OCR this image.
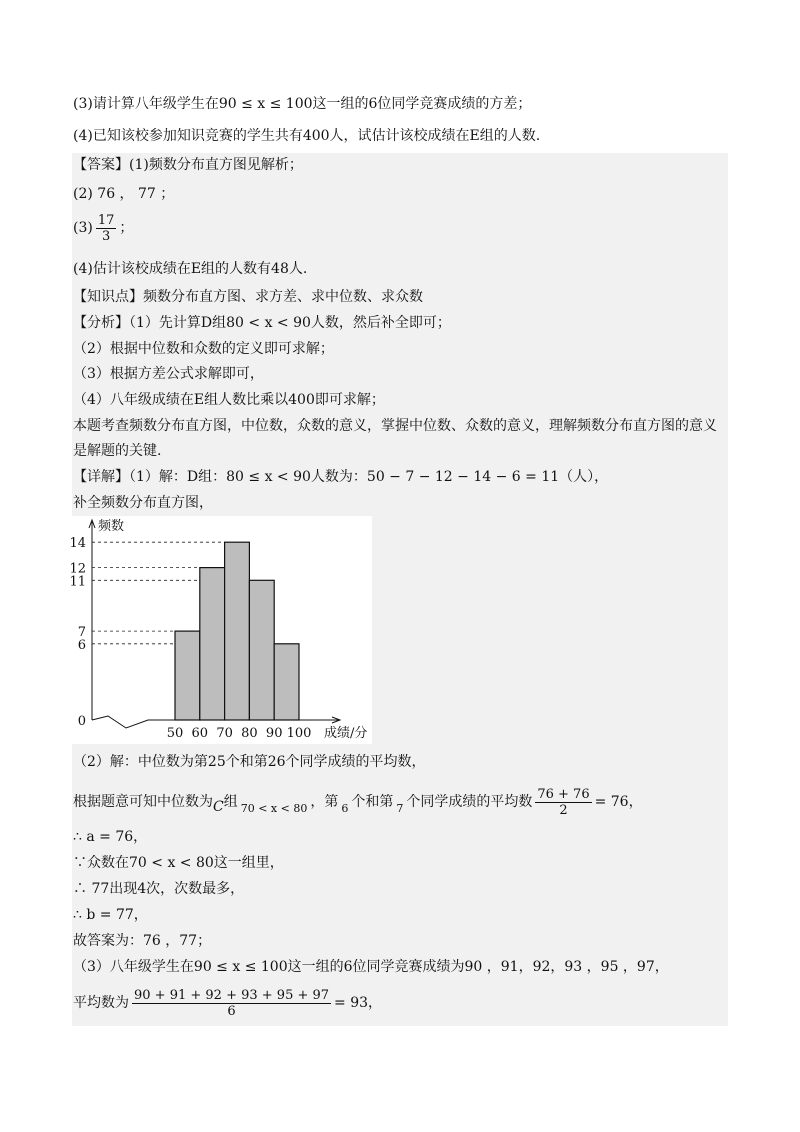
(3)请计算八年级学生在90 ≤ x ≤ 100这一组的6位同学竞赛成绩的方差；
(4)已知该校参加知识竞赛的学生共有400人，试估计该校成绩在E组的人数.
【答案】(1)频数分布直方图见解析；
(2) 76 ， 77 ；
$(3) \frac{17}{3}$ ；
(4)估计该校成绩在E组的人数有48人.
【知识点】频数分布直方图、求方差、求中位数、求众数
【分析】（1）先计算D组80 < x < 90人数，然后补全即可；
（2）根据中位数和众数的定义即可求解；
（3）根据方差公式求解即可，
（4）八年级成绩在E组人数比乘以400即可求解；
本题考查频数分布直方图，中位数，众数的意义，掌握中位数、众数的意义，理解频数分布直方图的意义
是解题的关键.
【详解】（1）解：D组：80 ≤ x < 90人数为：50 − 7 − 12 − 14 − 6 = 11（人），
补全频数分布直方图，
0
6
7
11
12
14
50 60 70 80 90 100
频数
成绩/分
（2）解：中位数为第25个和第26个同学成绩的平均数，
根据题意可知中位数为C组 $_{70 < x < 80}$ ，第 $_6$ 个和第 $_7$ 个同学成绩的平均数 $\frac{76 + 76}{2} = 76$，
∴ a = 76，
∵众数在70 < x < 80这一组里，
∴ 77出现4次，次数最多，
∴ b = 77，
故答案为：76 ，77；
（3）八年级学生在90 ≤ x ≤ 100这一组的6位同学竞赛成绩为90 ，91，92，93 ，95 ，97，
平均数为 $\frac{90 + 91 + 92 + 93 + 95 + 97}{6} = 93$，
